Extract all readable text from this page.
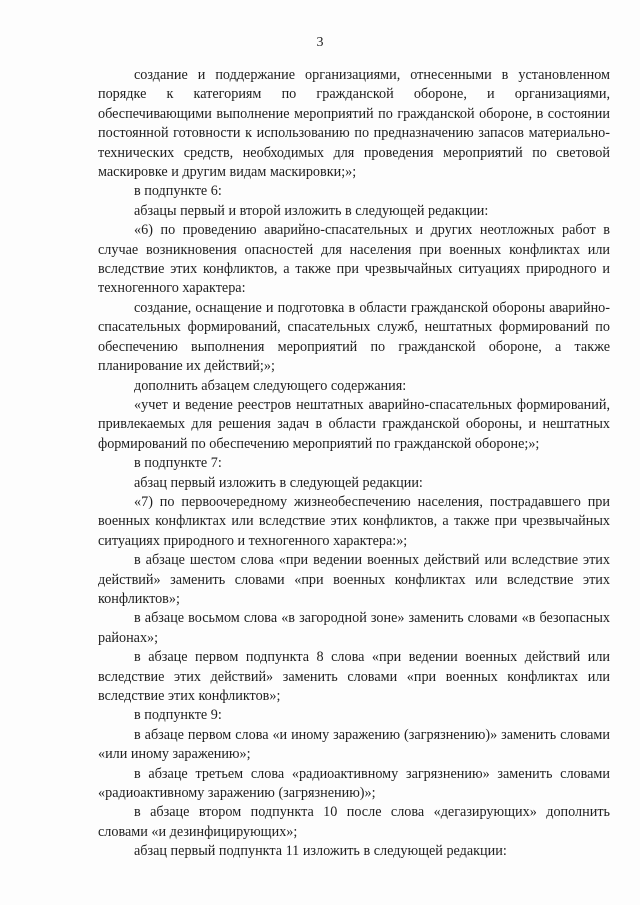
3

создание и поддержание организациями, отнесенными в установленном порядке к категориям по гражданской обороне, и организациями, обеспечивающими выполнение мероприятий по гражданской обороне, в состоянии постоянной готовности к использованию по предназначению запасов материально-технических средств, необходимых для проведения мероприятий по световой маскировке и другим видам маскировки;»;

в подпункте 6:

абзацы первый и второй изложить в следующей редакции:

«6) по проведению аварийно-спасательных и других неотложных работ в случае возникновения опасностей для населения при военных конфликтах или вследствие этих конфликтов, а также при чрезвычайных ситуациях природного и техногенного характера:

создание, оснащение и подготовка в области гражданской обороны аварийно-спасательных формирований, спасательных служб, нештатных формирований по обеспечению выполнения мероприятий по гражданской обороне, а также планирование их действий;»;

дополнить абзацем следующего содержания:

«учет и ведение реестров нештатных аварийно-спасательных формирований, привлекаемых для решения задач в области гражданской обороны, и нештатных формирований по обеспечению мероприятий по гражданской обороне;»;

в подпункте 7:

абзац первый изложить в следующей редакции:

«7) по первоочередному жизнеобеспечению населения, пострадавшего при военных конфликтах или вследствие этих конфликтов, а также при чрезвычайных ситуациях природного и техногенного характера:»;

в абзаце шестом слова «при ведении военных действий или вследствие этих действий» заменить словами «при военных конфликтах или вследствие этих конфликтов»;

в абзаце восьмом слова «в загородной зоне» заменить словами «в безопасных районах»;

в абзаце первом подпункта 8 слова «при ведении военных действий или вследствие этих действий» заменить словами «при военных конфликтах или вследствие этих конфликтов»;

в подпункте 9:

в абзаце первом слова «и иному заражению (загрязнению)» заменить словами «или иному заражению»;

в абзаце третьем слова «радиоактивному загрязнению» заменить словами «радиоактивному заражению (загрязнению)»;

в абзаце втором подпункта 10 после слова «дегазирующих» дополнить словами «и дезинфицирующих»;

абзац первый подпункта 11 изложить в следующей редакции:
